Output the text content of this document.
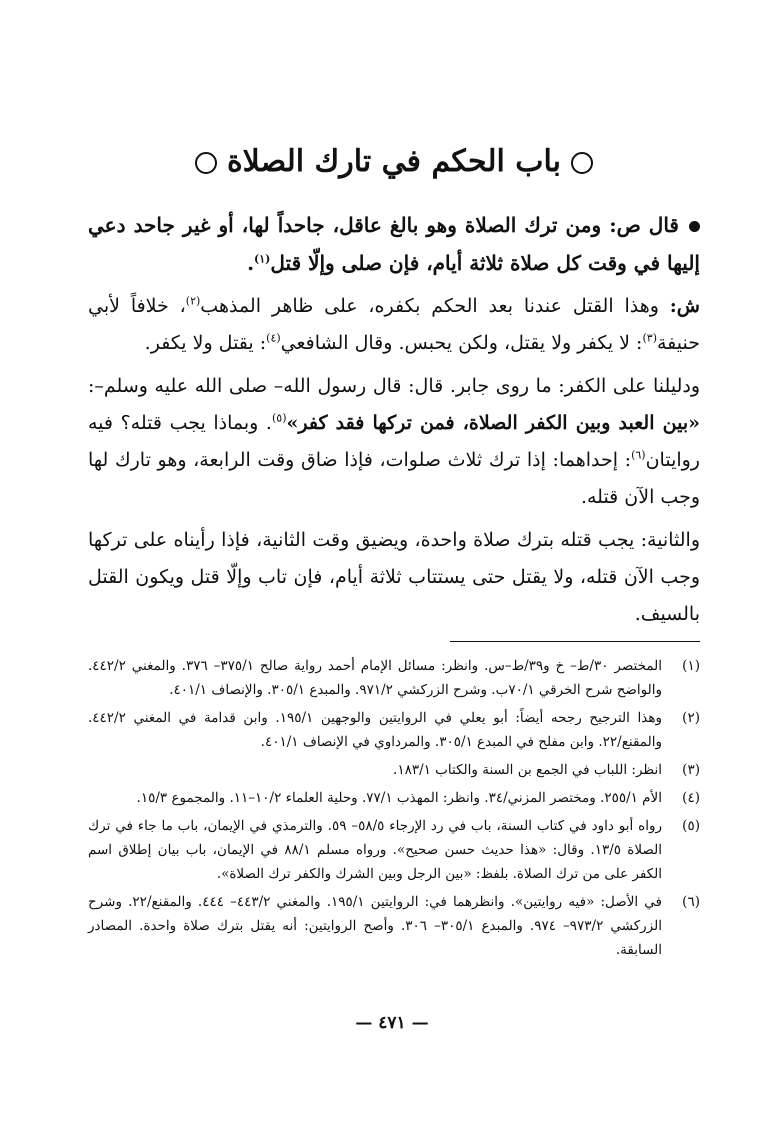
باب الحكم في تارك الصلاة

قال ص: ومن ترك الصلاة وهو بالغ عاقل، جاحداً لها، أو غير جاحد دعي إليها في وقت كل صلاة ثلاثة أيام، فإن صلى وإلّا قتل$^{(١)}$.

ش: وهذا القتل عندنا بعد الحكم بكفره، على ظاهر المذهب$^{(٢)}$، خلافاً لأبي حنيفة$^{(٣)}$: لا يكفر ولا يقتل، ولكن يحبس. وقال الشافعي$^{(٤)}$: يقتل ولا يكفر.

ودليلنا على الكفر: ما روى جابر. قال: قال رسول الله– صلى الله عليه وسلم–: «بين العبد وبين الكفر الصلاة، فمن تركها فقد كفر»$^{(٥)}$. وبماذا يجب قتله؟ فيه روايتان$^{(٦)}$: إحداهما: إذا ترك ثلاث صلوات، فإذا ضاق وقت الرابعة، وهو تارك لها وجب الآن قتله.

والثانية: يجب قتله بترك صلاة واحدة، ويضيق وقت الثانية، فإذا رأيناه على تركها وجب الآن قتله، ولا يقتل حتى يستتاب ثلاثة أيام، فإن تاب وإلّا قتل ويكون القتل بالسيف.

(١)
المختصر ٣٠/ط– خ و٣٩/ط–س. وانظر: مسائل الإمام أحمد رواية صالح ٣٧٥/١– ٣٧٦. والمغني ٤٤٢/٢. والواضح شرح الخرقي ٧٠/١ب. وشرح الزركشي ٩٧١/٢. والمبدع ٣٠٥/١. والإنصاف ٤٠١/١.
(٢)
وهذا الترجيح رجحه أيضاً: أبو يعلي في الروايتين والوجهين ١٩٥/١. وابن قدامة في المغني ٤٤٢/٢. والمقنع/٢٢. وابن مفلح في المبدع ٣٠٥/١. والمرداوي في الإنصاف ٤٠١/١.
(٣)
انظر: اللباب في الجمع بن السنة والكتاب ١٨٣/١.
(٤)
الأم ٢٥٥/١. ومختصر المزني/٣٤. وانظر: المهذب ٧٧/١. وحلية العلماء ١٠/٢–١١. والمجموع ١٥/٣.
(٥)
رواه أبو داود في كتاب السنة، باب في رد الإرجاء ٥٨/٥– ٥٩. والترمذي في الإيمان، باب ما جاء في ترك الصلاة ١٣/٥. وقال: «هذا حديث حسن صحيح». ورواه مسلم ٨٨/١ في الإيمان، باب بيان إطلاق اسم الكفر على من ترك الصلاة. بلفظ: «بين الرجل وبين الشرك والكفر ترك الصلاة».
(٦)
في الأصل: «فيه روايتين». وانظرهما في: الروايتين ١٩٥/١. والمغني ٤٤٣/٢– ٤٤٤. والمقنع/٢٢. وشرح الزركشي ٩٧٣/٢– ٩٧٤. والمبدع ٣٠٥/١– ٣٠٦. وأصح الروايتين: أنه يقتل بترك صلاة واحدة. المصادر السابقة.
— ٤٧١ —
